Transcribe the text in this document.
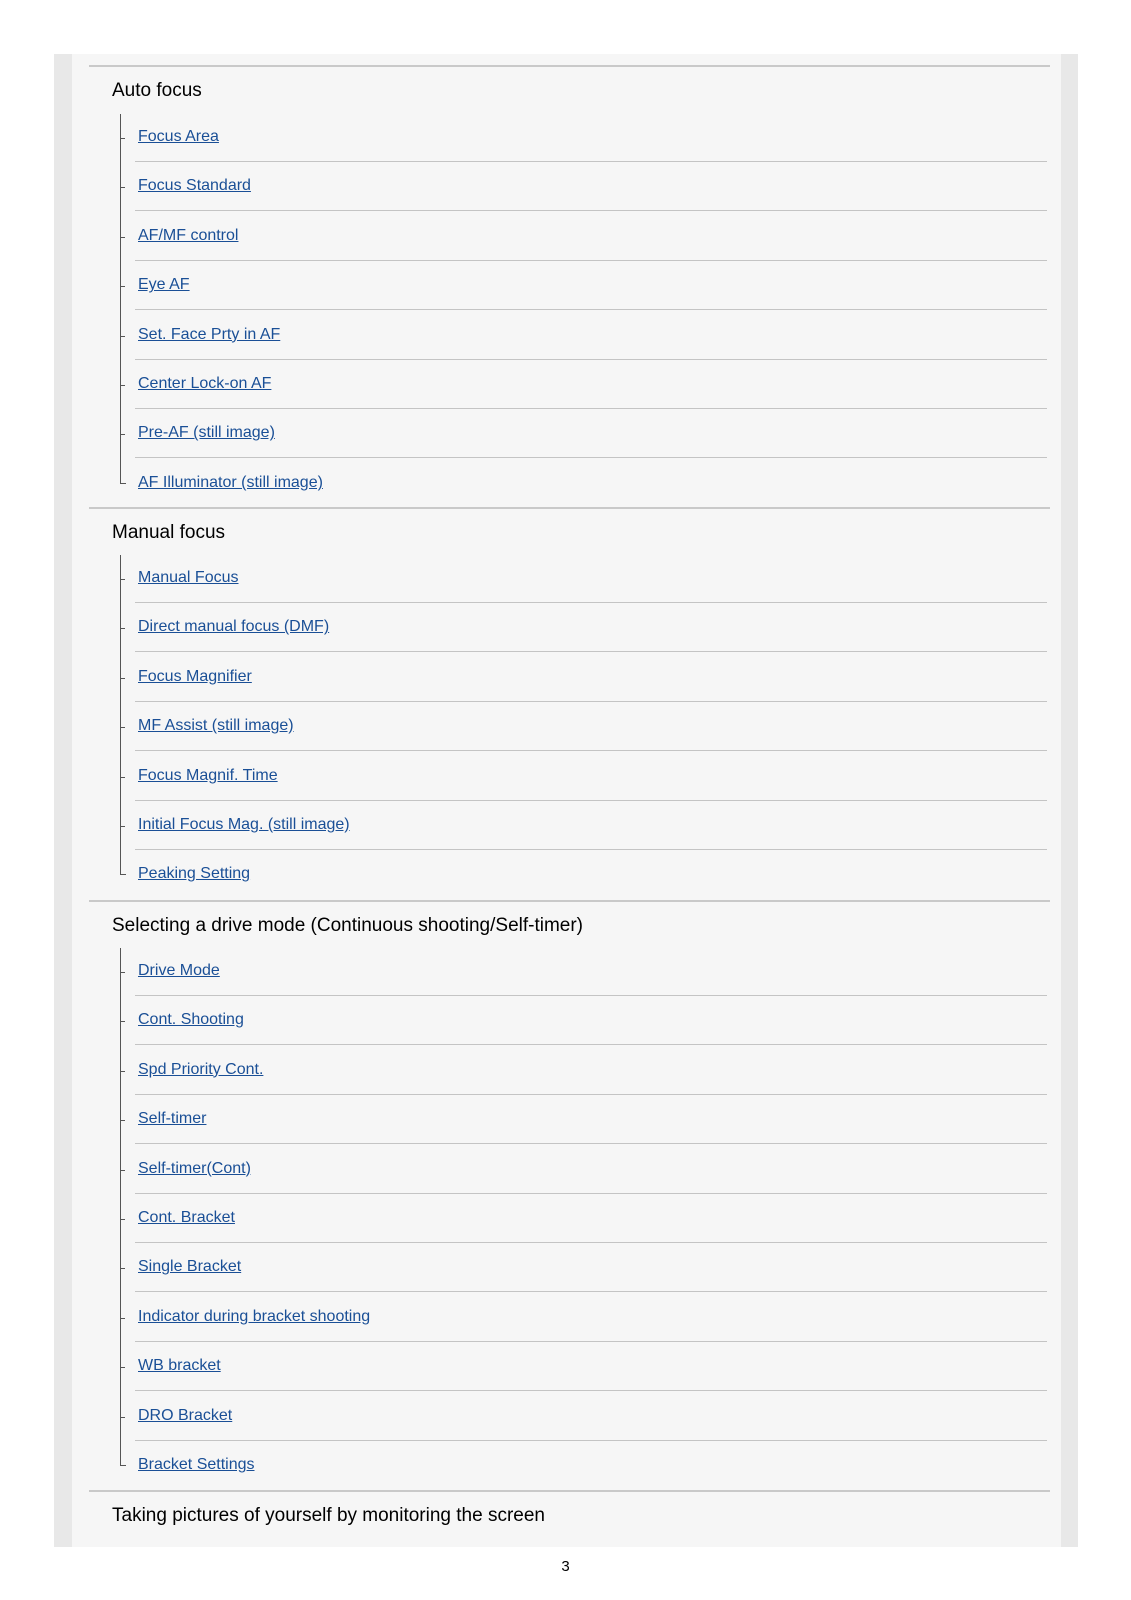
Auto focus
Focus Area
Focus Standard
AF/MF control
Eye AF
Set. Face Prty in AF
Center Lock-on AF
Pre-AF (still image)
AF Illuminator (still image)
Manual focus
Manual Focus
Direct manual focus (DMF)
Focus Magnifier
MF Assist (still image)
Focus Magnif. Time
Initial Focus Mag. (still image)
Peaking Setting
Selecting a drive mode (Continuous shooting/Self-timer)
Drive Mode
Cont. Shooting
Spd Priority Cont.
Self-timer
Self-timer(Cont)
Cont. Bracket
Single Bracket
Indicator during bracket shooting
WB bracket
DRO Bracket
Bracket Settings
Taking pictures of yourself by monitoring the screen
3
